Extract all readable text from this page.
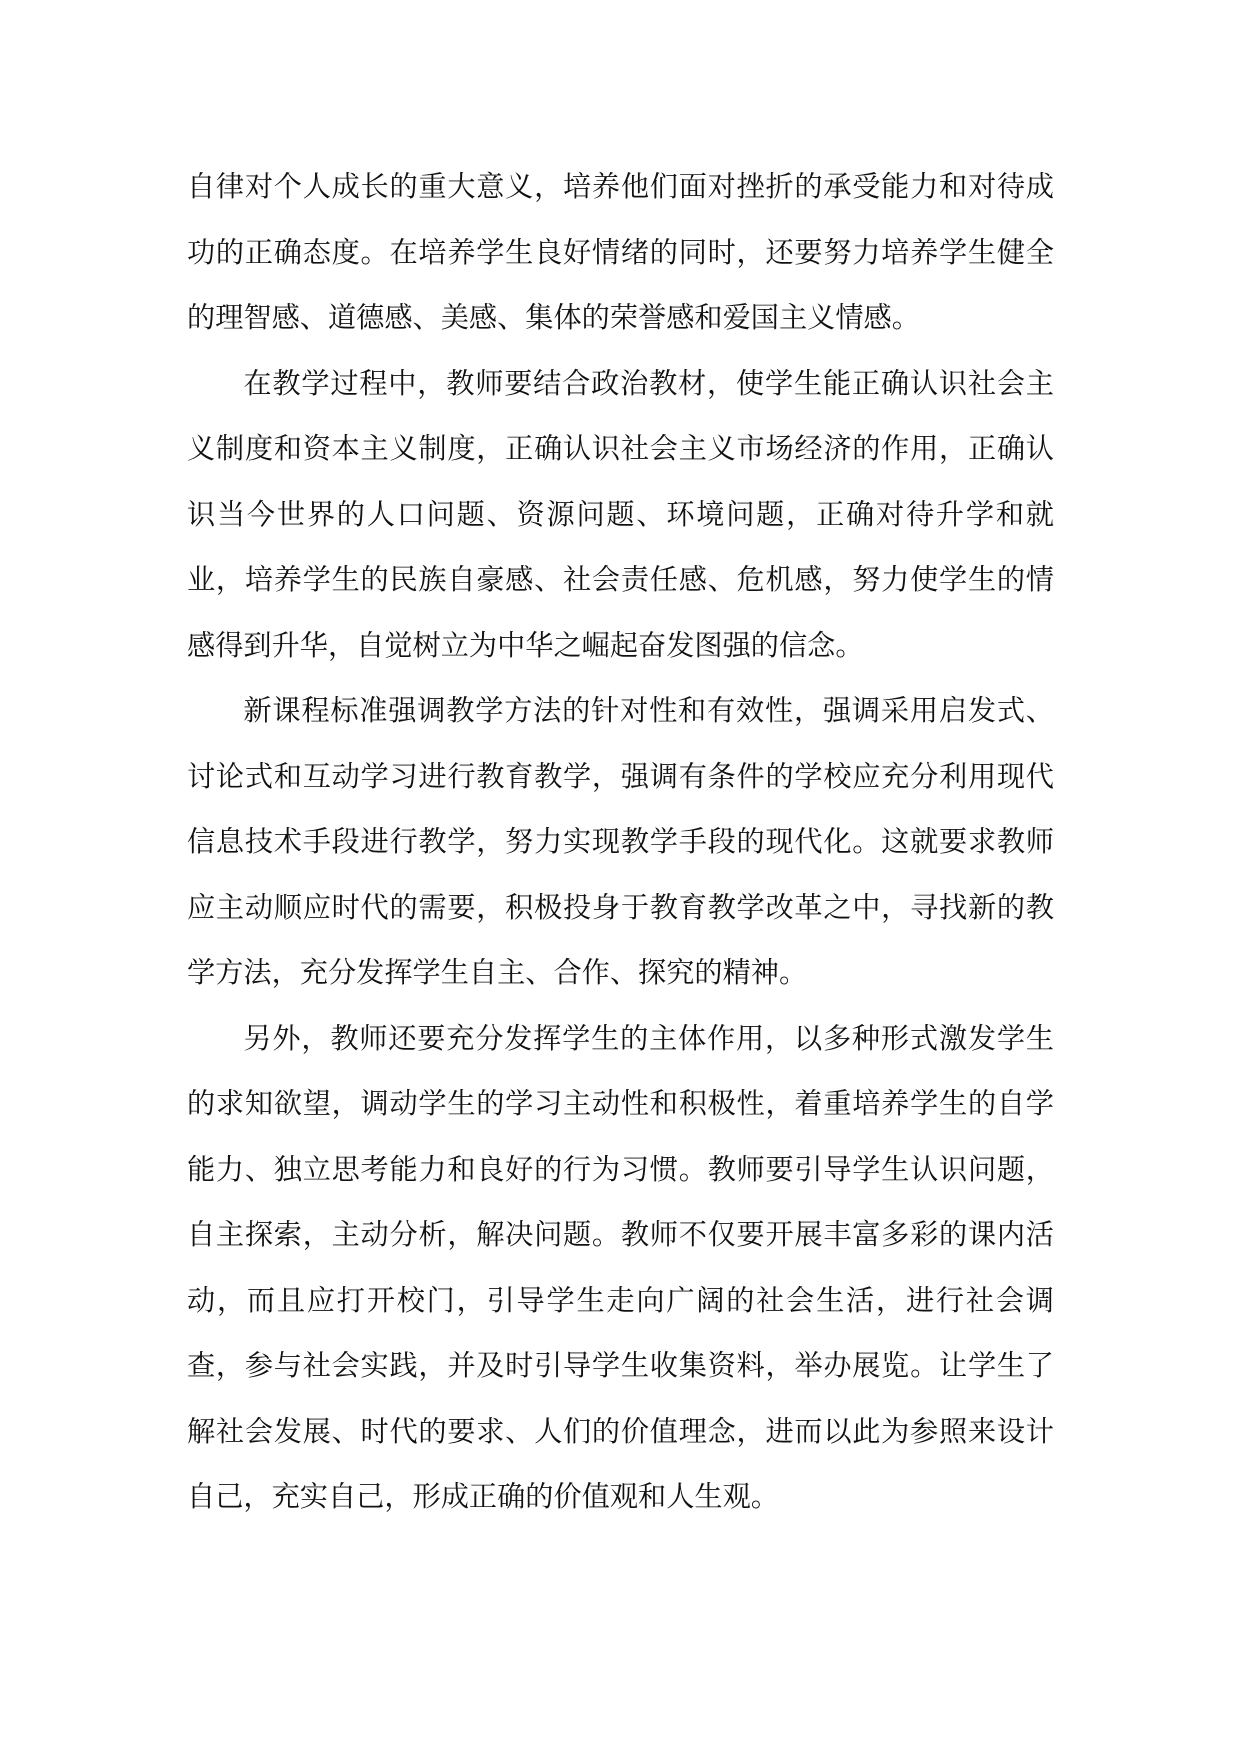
自律对个人成长的重大意义，培养他们面对挫折的承受能力和对待成功的正确态度。在培养学生良好情绪的同时，还要努力培养学生健全的理智感、道德感、美感、集体的荣誉感和爱国主义情感。

在教学过程中，教师要结合政治教材，使学生能正确认识社会主义制度和资本主义制度，正确认识社会主义市场经济的作用，正确认识当今世界的人口问题、资源问题、环境问题，正确对待升学和就业，培养学生的民族自豪感、社会责任感、危机感，努力使学生的情感得到升华，自觉树立为中华之崛起奋发图强的信念。

新课程标准强调教学方法的针对性和有效性，强调采用启发式、讨论式和互动学习进行教育教学，强调有条件的学校应充分利用现代信息技术手段进行教学，努力实现教学手段的现代化。这就要求教师应主动顺应时代的需要，积极投身于教育教学改革之中，寻找新的教学方法，充分发挥学生自主、合作、探究的精神。

另外，教师还要充分发挥学生的主体作用，以多种形式激发学生的求知欲望，调动学生的学习主动性和积极性，着重培养学生的自学能力、独立思考能力和良好的行为习惯。教师要引导学生认识问题，自主探索，主动分析，解决问题。教师不仅要开展丰富多彩的课内活动，而且应打开校门，引导学生走向广阔的社会生活，进行社会调查，参与社会实践，并及时引导学生收集资料，举办展览。让学生了解社会发展、时代的要求、人们的价值理念，进而以此为参照来设计自己，充实自己，形成正确的价值观和人生观。
